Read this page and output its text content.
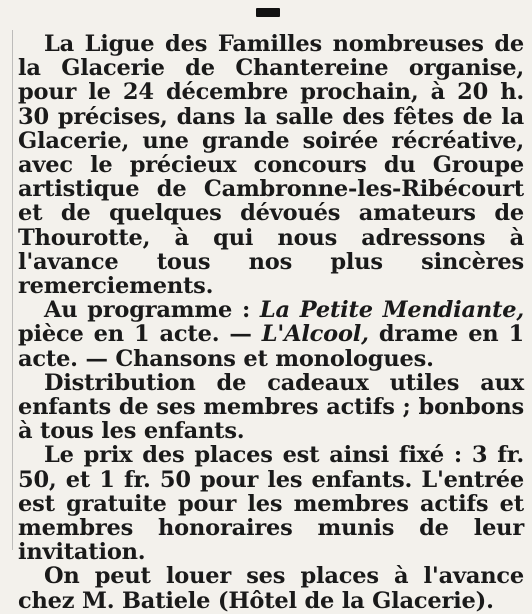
La Ligue des Familles nombreuses de la Glacerie de Chantereine organise, pour le 24 décembre prochain, à 20 h. 30 précises, dans la salle des fêtes de la Glacerie, une grande soirée récréative, avec le précieux concours du Groupe artistique de Cambronne-les-Ribécourt et de quelques dévoués amateurs de Thourotte, à qui nous adressons à l'avance tous nos plus sincères remerciements.

Au programme : La Petite Mendiante, pièce en 1 acte. — L'Alcool, drame en 1 acte. — Chansons et monologues.

Distribution de cadeaux utiles aux enfants de ses membres actifs ; bonbons à tous les enfants.

Le prix des places est ainsi fixé : 3 fr. 50, et 1 fr. 50 pour les enfants. L'entrée est gratuite pour les membres actifs et membres honoraires munis de leur invitation.

On peut louer ses places à l'avance chez M. Batiele (Hôtel de la Glacerie).
